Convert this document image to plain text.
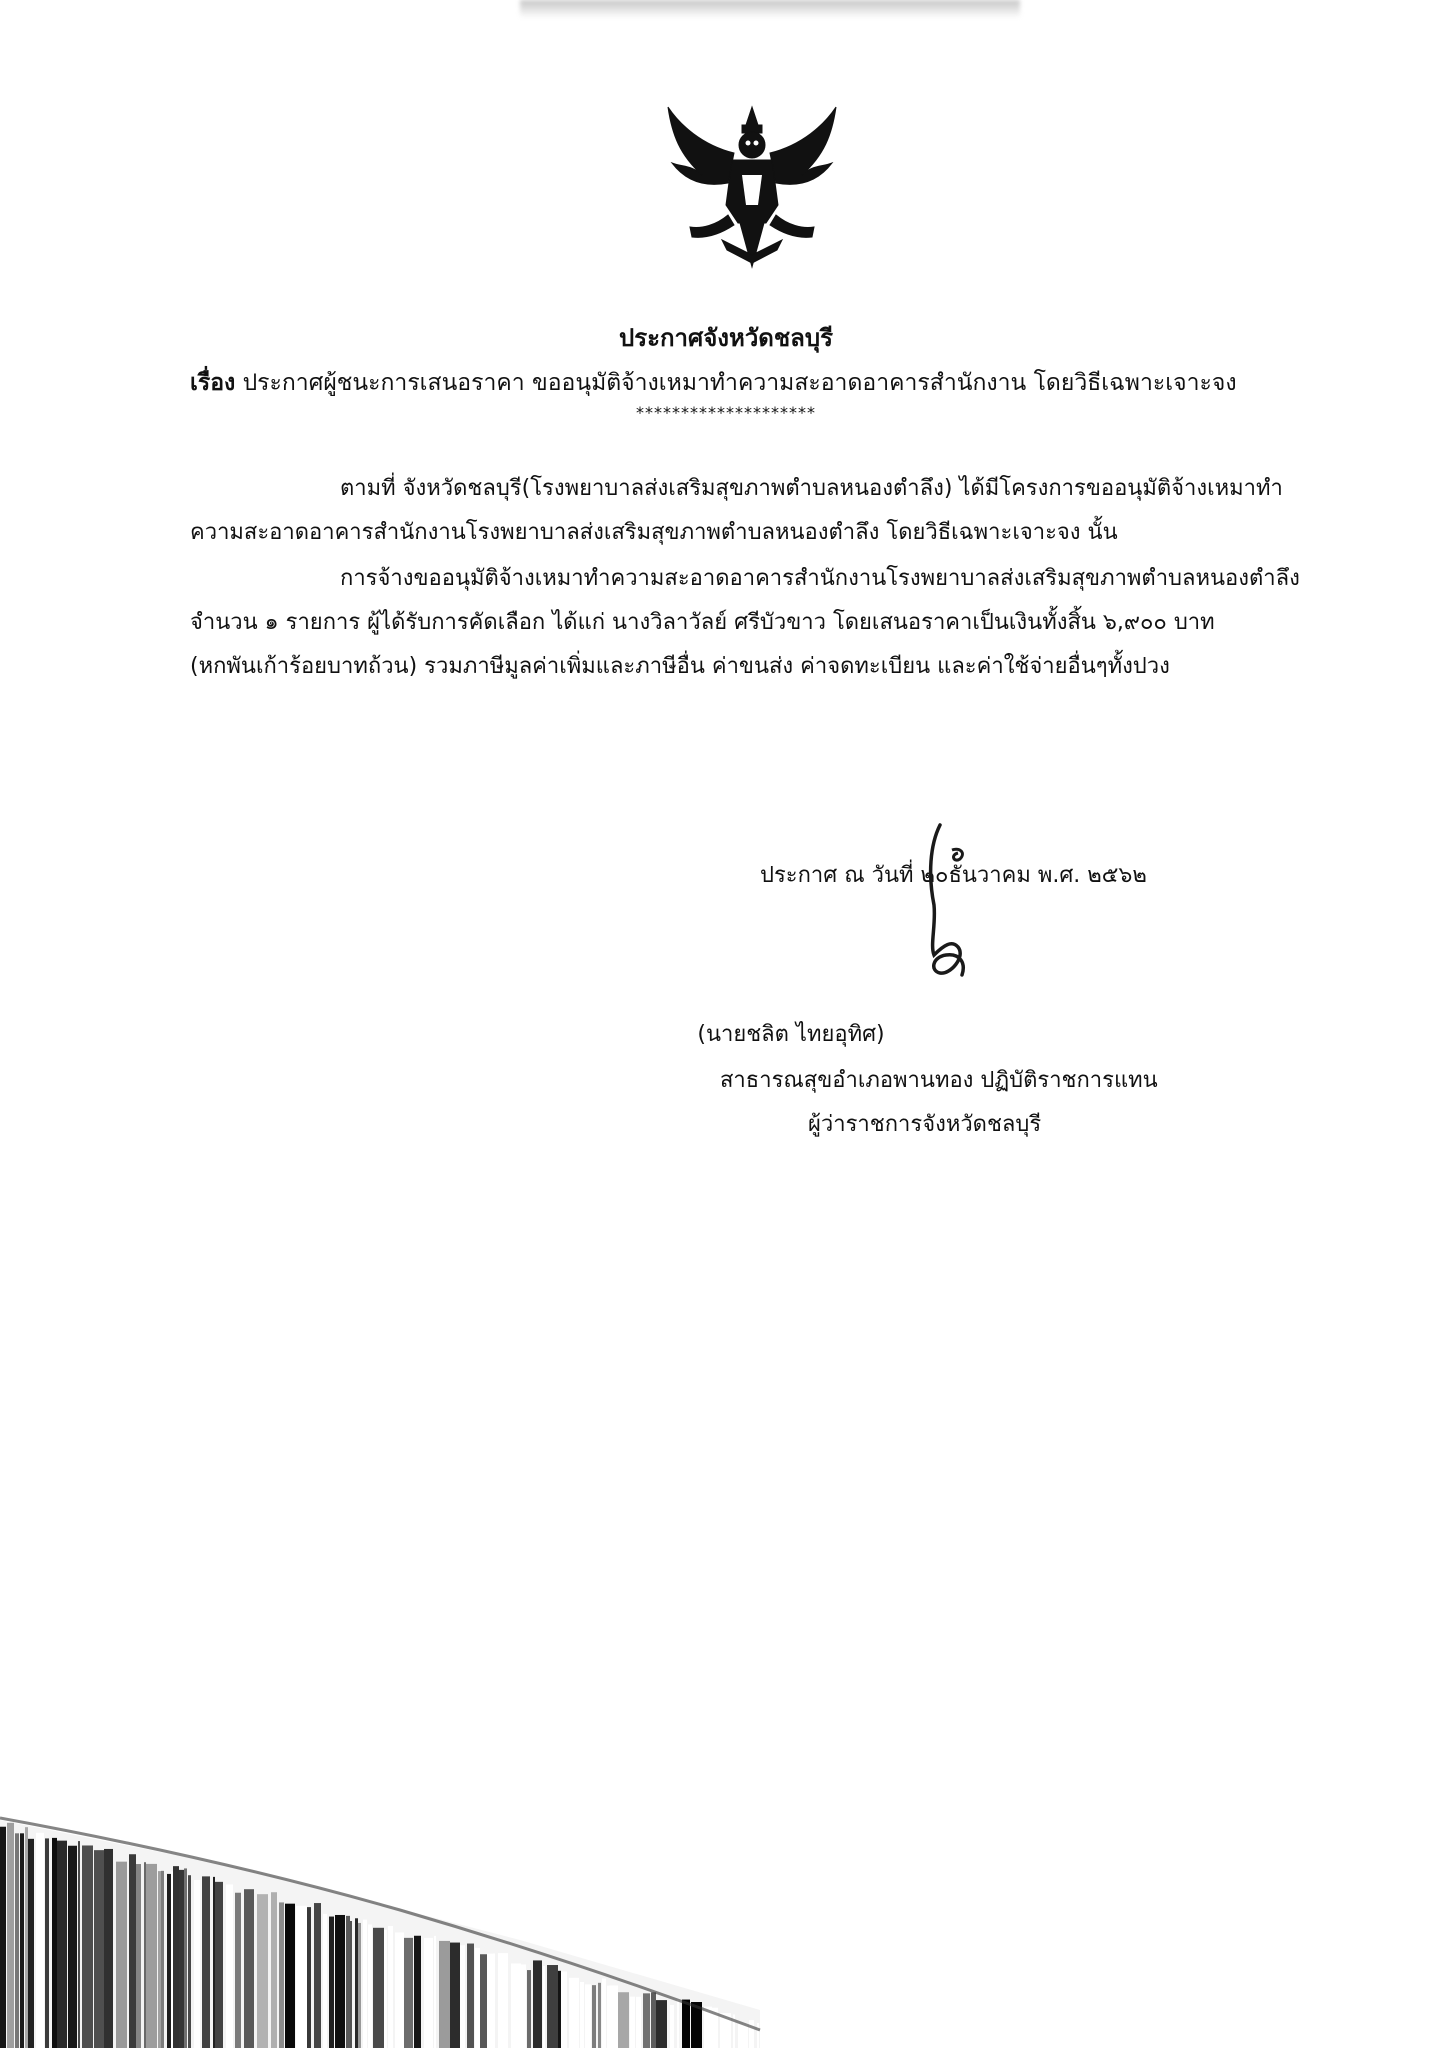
ประกาศจังหวัดชลบุรี
เรื่อง ประกาศผู้ชนะการเสนอราคา ขออนุมัติจ้างเหมาทำความสะอาดอาคารสำนักงาน โดยวิธีเฉพาะเจาะจง
********************
ตามที่ จังหวัดชลบุรี(โรงพยาบาลส่งเสริมสุขภาพตำบลหนองตำลึง) ได้มีโครงการขออนุมัติจ้างเหมาทำ
ความสะอาดอาคารสำนักงานโรงพยาบาลส่งเสริมสุขภาพตำบลหนองตำลึง โดยวิธีเฉพาะเจาะจง นั้น
การจ้างขออนุมัติจ้างเหมาทำความสะอาดอาคารสำนักงานโรงพยาบาลส่งเสริมสุขภาพตำบลหนองตำลึง
จำนวน ๑ รายการ ผู้ได้รับการคัดเลือก ได้แก่ นางวิลาวัลย์ ศรีบัวขาว โดยเสนอราคาเป็นเงินทั้งสิ้น ๖,๙๐๐ บาท
(หกพันเก้าร้อยบาทถ้วน) รวมภาษีมูลค่าเพิ่มและภาษีอื่น ค่าขนส่ง ค่าจดทะเบียน และค่าใช้จ่ายอื่นๆทั้งปวง
ประกาศ ณ วันที่ ๒๐ธันวาคม พ.ศ. ๒๕๖๒
(นายชลิต ไทยอุทิศ)
สาธารณสุขอำเภอพานทอง ปฏิบัติราชการแทน
ผู้ว่าราชการจังหวัดชลบุรี
